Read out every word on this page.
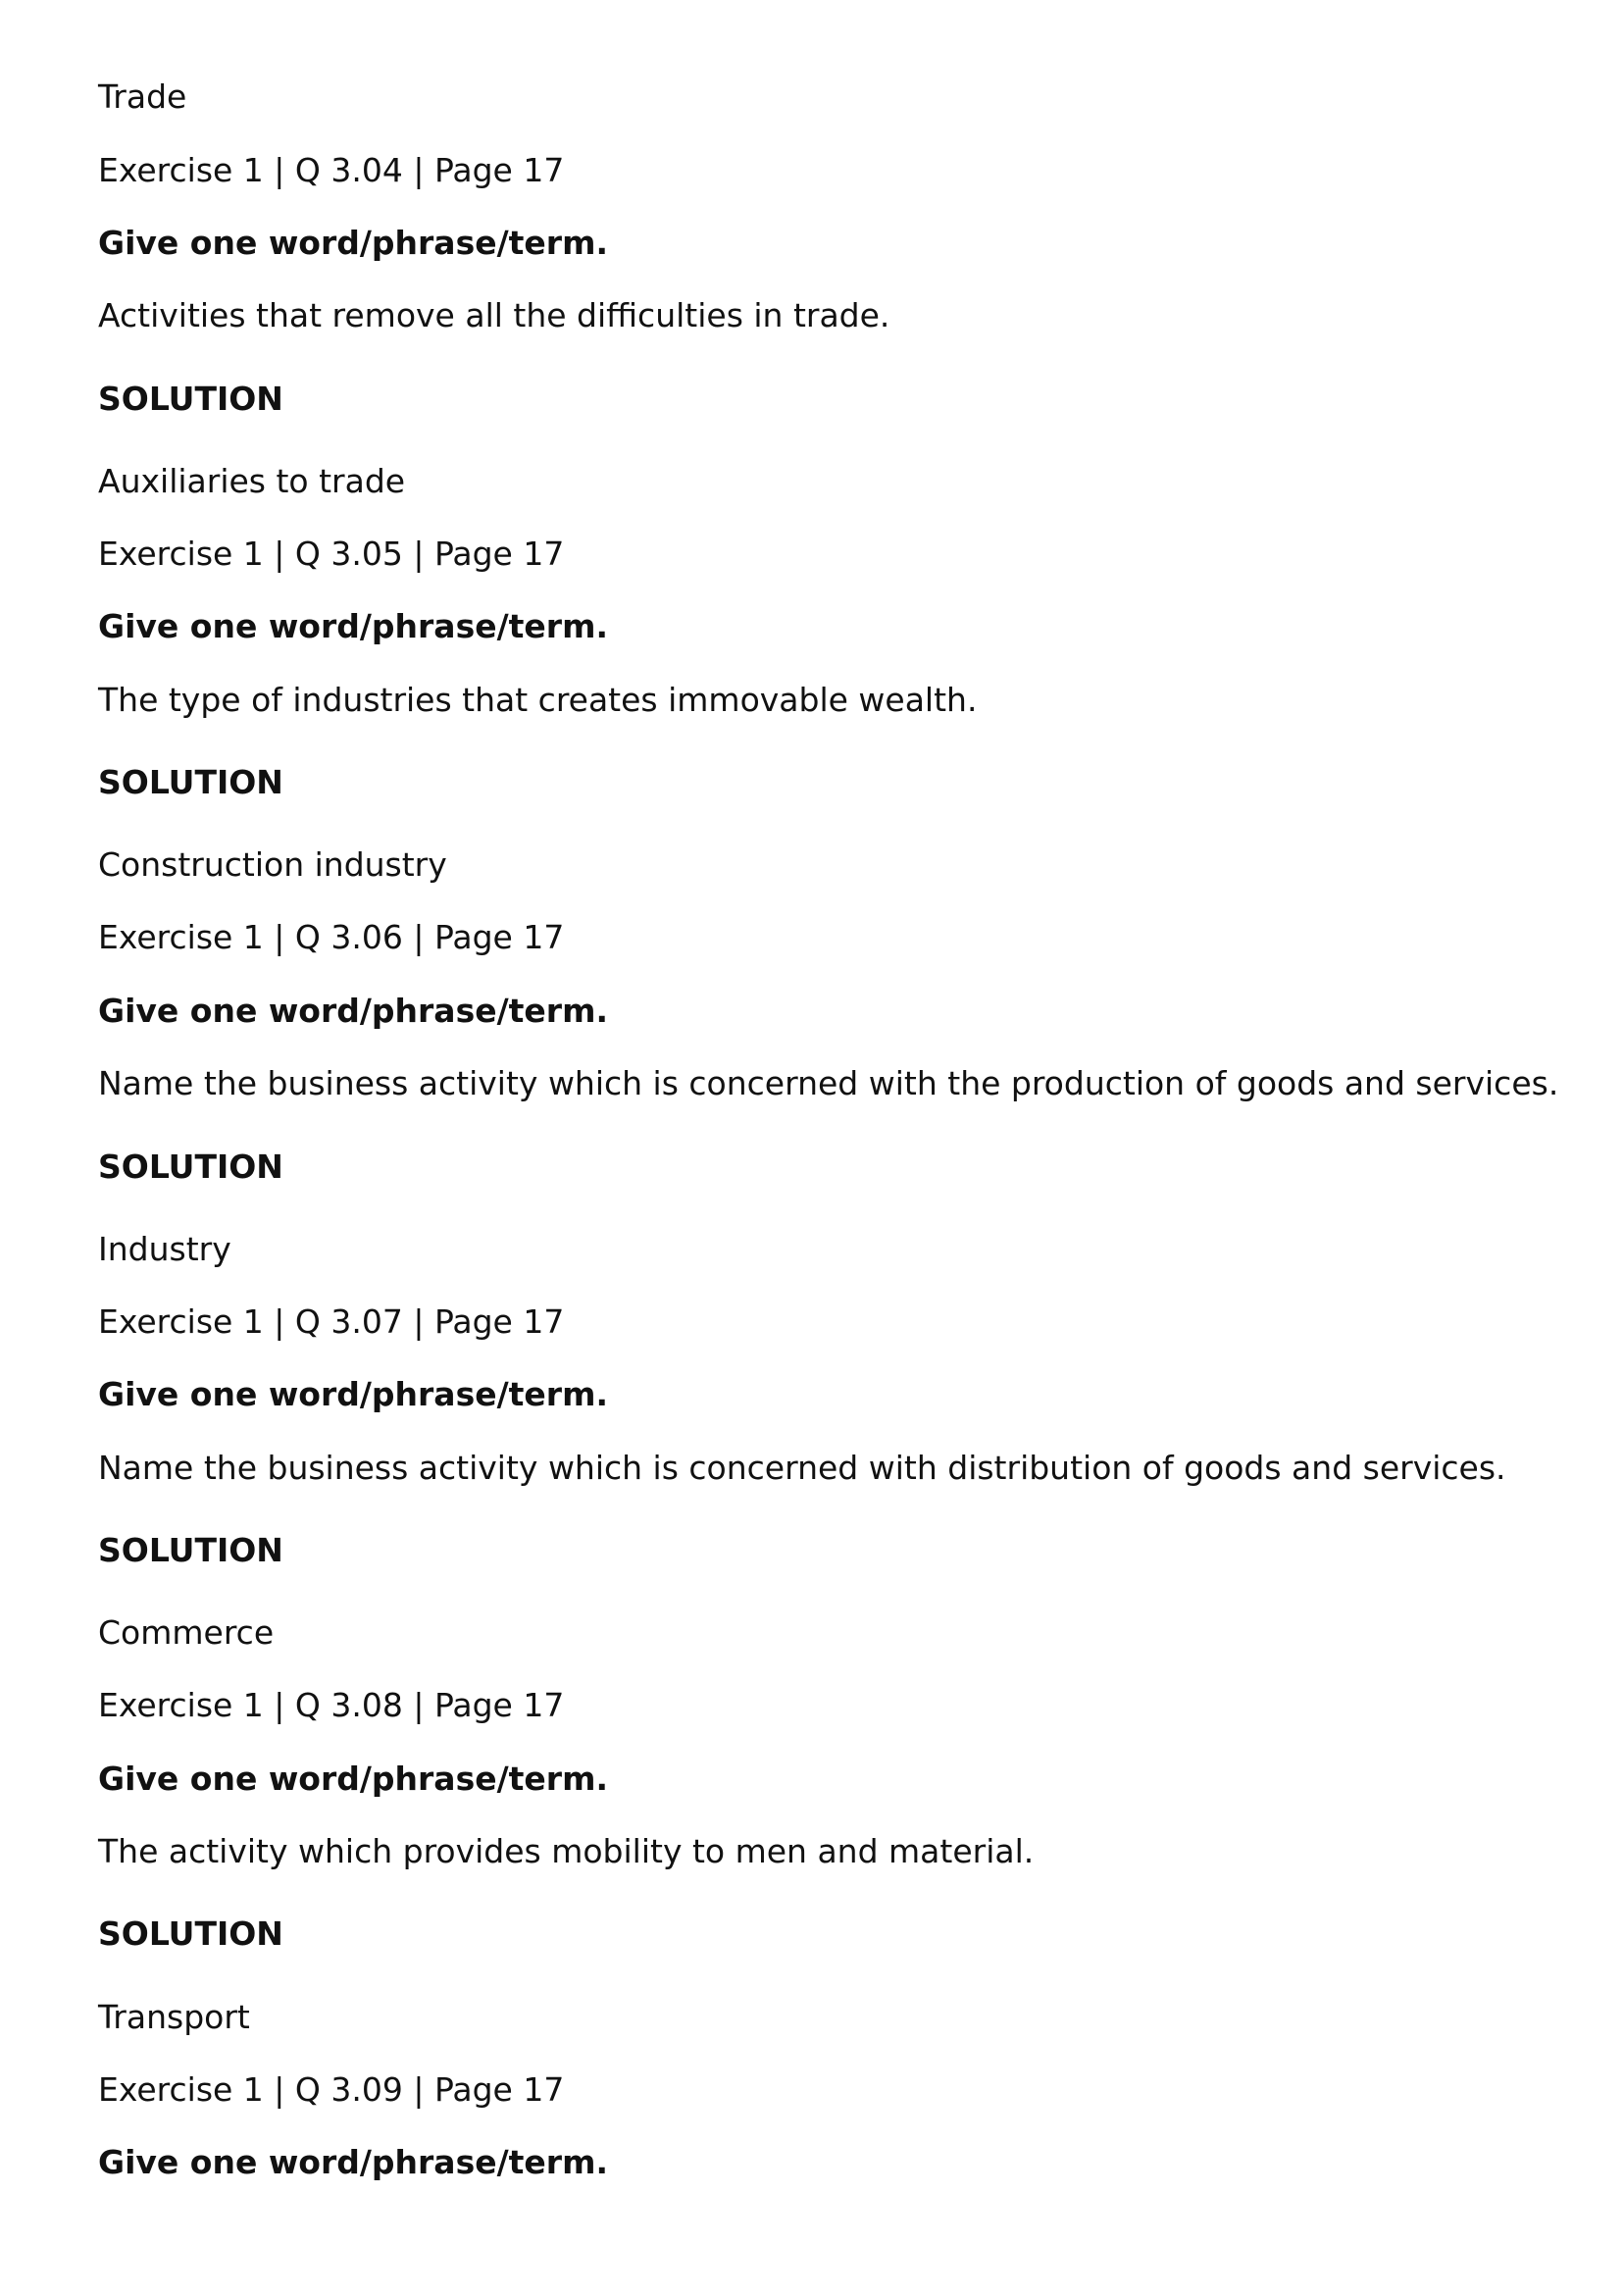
Trade

Exercise 1 | Q 3.04 | Page 17

Give one word/phrase/term.

Activities that remove all the difficulties in trade.

SOLUTION

Auxiliaries to trade

Exercise 1 | Q 3.05 | Page 17

Give one word/phrase/term.

The type of industries that creates immovable wealth.

SOLUTION

Construction industry

Exercise 1 | Q 3.06 | Page 17

Give one word/phrase/term.

Name the business activity which is concerned with the production of goods and services.

SOLUTION

Industry

Exercise 1 | Q 3.07 | Page 17

Give one word/phrase/term.

Name the business activity which is concerned with distribution of goods and services.

SOLUTION

Commerce

Exercise 1 | Q 3.08 | Page 17

Give one word/phrase/term.

The activity which provides mobility to men and material.

SOLUTION

Transport

Exercise 1 | Q 3.09 | Page 17

Give one word/phrase/term.
